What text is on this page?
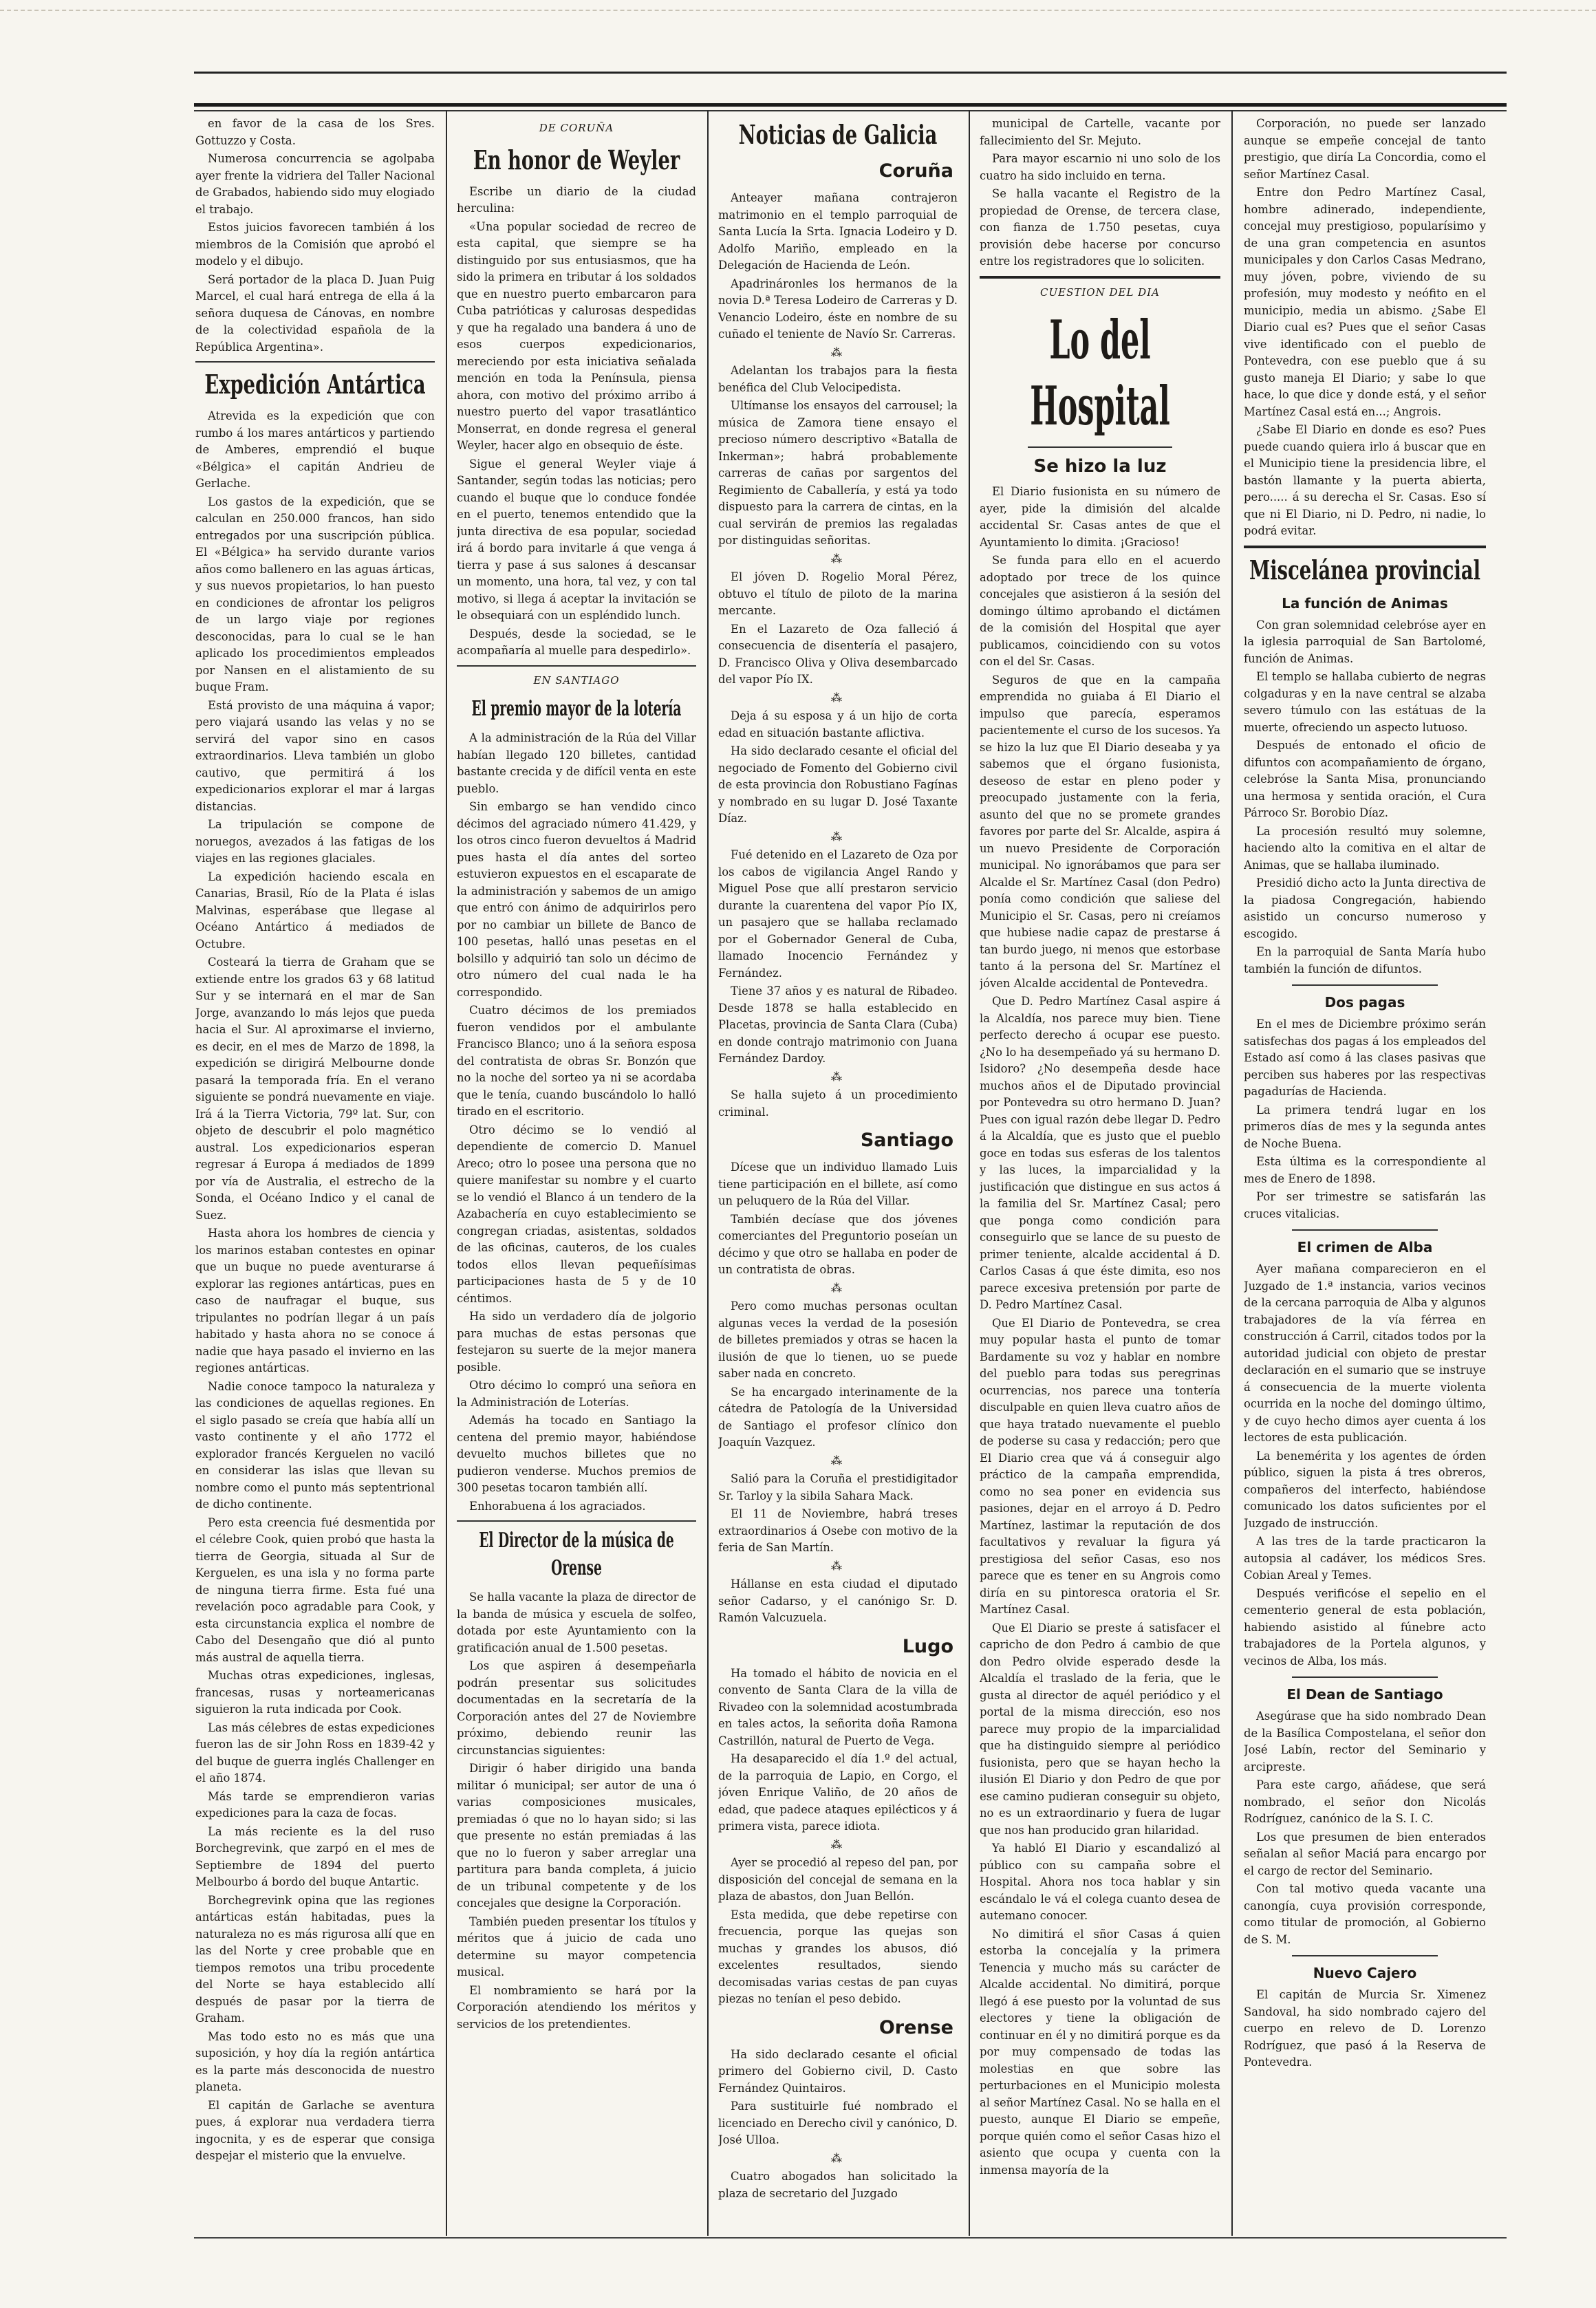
en favor de la casa de los Sres. Gottuzzo y Costa.

Numerosa concurrencia se agolpaba ayer frente la vidriera del Taller Nacional de Grabados, habiendo sido muy elogiado el trabajo.

Estos juicios favorecen también á los miembros de la Comisión que aprobó el modelo y el dibujo.

Será portador de la placa D. Juan Puig Marcel, el cual hará entrega de ella á la señora duquesa de Cánovas, en nombre de la colectividad española de la República Argentina».

Expedición Antártica

Atrevida es la expedición que con rumbo á los mares antárticos y partiendo de Amberes, emprendió el buque «Bélgica» el capitán Andrieu de Gerlache.

Los gastos de la expedición, que se calculan en 250.000 francos, han sido entregados por una suscripción pública. El «Bélgica» ha servido durante varios años como ballenero en las aguas árticas, y sus nuevos propietarios, lo han puesto en condiciones de afrontar los peligros de un largo viaje por regiones desconocidas, para lo cual se le han aplicado los procedimientos empleados por Nansen en el alistamiento de su buque Fram.

Está provisto de una máquina á vapor; pero viajará usando las velas y no se servirá del vapor sino en casos extraordinarios. Lleva también un globo cautivo, que permitirá á los expedicionarios explorar el mar á largas distancias.

La tripulación se compone de noruegos, avezados á las fatigas de los viajes en las regiones glaciales.

La expedición haciendo escala en Canarias, Brasil, Río de la Plata é islas Malvinas, esperábase que llegase al Océano Antártico á mediados de Octubre.

Costeará la tierra de Graham que se extiende entre los grados 63 y 68 latitud Sur y se internará en el mar de San Jorge, avanzando lo más lejos que pueda hacia el Sur. Al aproximarse el invierno, es decir, en el mes de Marzo de 1898, la expedición se dirigirá Melbourne donde pasará la temporada fría. En el verano siguiente se pondrá nuevamente en viaje. Irá á la Tierra Victoria, 79º lat. Sur, con objeto de descubrir el polo magnético austral. Los expedicionarios esperan regresar á Europa á mediados de 1899 por vía de Australia, el estrecho de la Sonda, el Océano Indico y el canal de Suez.

Hasta ahora los hombres de ciencia y los marinos estaban contestes en opinar que un buque no puede aventurarse á explorar las regiones antárticas, pues en caso de naufragar el buque, sus tripulantes no podrían llegar á un país habitado y hasta ahora no se conoce á nadie que haya pasado el invierno en las regiones antárticas.

Nadie conoce tampoco la naturaleza y las condiciones de aquellas regiones. En el siglo pasado se creía que había allí un vasto continente y el año 1772 el explorador francés Kerguelen no vaciló en considerar las islas que llevan su nombre como el punto más septentrional de dicho continente.

Pero esta creencia fué desmentida por el célebre Cook, quien probó que hasta la tierra de Georgia, situada al Sur de Kerguelen, es una isla y no forma parte de ninguna tierra firme. Esta fué una revelación poco agradable para Cook, y esta circunstancia explica el nombre de Cabo del Desengaño que dió al punto más austral de aquella tierra.

Muchas otras expediciones, inglesas, francesas, rusas y norteamericanas siguieron la ruta indicada por Cook.

Las más célebres de estas expediciones fueron las de sir John Ross en 1839-42 y del buque de guerra inglés Challenger en el año 1874.

Más tarde se emprendieron varias expediciones para la caza de focas.

La más reciente es la del ruso Borchegrevink, que zarpó en el mes de Septiembre de 1894 del puerto Melbourbo á bordo del buque Antartic.

Borchegrevink opina que las regiones antárticas están habitadas, pues la naturaleza no es más rigurosa allí que en las del Norte y cree probable que en tiempos remotos una tribu procedente del Norte se haya establecido allí después de pasar por la tierra de Graham.

Mas todo esto no es más que una suposición, y hoy día la región antártica es la parte más desconocida de nuestro planeta.

El capitán de Garlache se aventura pues, á explorar nua verdadera tierra ingocnita, y es de esperar que consiga despejar el misterio que la envuelve.

DE CORUÑA
En honor de Weyler

Escribe un diario de la ciudad herculina:

«Una popular sociedad de recreo de esta capital, que siempre se ha distinguido por sus entusiasmos, que ha sido la primera en tributar á los soldados que en nuestro puerto embarcaron para Cuba patrióticas y calurosas despedidas y que ha regalado una bandera á uno de esos cuerpos expedicionarios, mereciendo por esta iniciativa señalada mención en toda la Península, piensa ahora, con motivo del próximo arribo á nuestro puerto del vapor trasatlántico Monserrat, en donde regresa el general Weyler, hacer algo en obsequio de éste.

Sigue el general Weyler viaje á Santander, según todas las noticias; pero cuando el buque que lo conduce fondée en el puerto, tenemos entendido que la junta directiva de esa popular, sociedad irá á bordo para invitarle á que venga á tierra y pase á sus salones á descansar un momento, una hora, tal vez, y con tal motivo, si llega á aceptar la invitación se le obsequiará con un espléndido lunch.

Después, desde la sociedad, se le acompañaría al muelle para despedirlo».

EN SANTIAGO
El premio mayor de la lotería

A la administración de la Rúa del Villar habían llegado 120 billetes, cantidad bastante crecida y de difícil venta en este pueblo.

Sin embargo se han vendido cinco décimos del agraciado número 41.429, y los otros cinco fueron devueltos á Madrid pues hasta el día antes del sorteo estuvieron expuestos en el escaparate de la administración y sabemos de un amigo que entró con ánimo de adquirirlos pero por no cambiar un billete de Banco de 100 pesetas, halló unas pesetas en el bolsillo y adquirió tan solo un décimo de otro número del cual nada le ha correspondido.

Cuatro décimos de los premiados fueron vendidos por el ambulante Francisco Blanco; uno á la señora esposa del contratista de obras Sr. Bonzón que no la noche del sorteo ya ni se acordaba que le tenía, cuando buscándolo lo halló tirado en el escritorio.

Otro décimo se lo vendió al dependiente de comercio D. Manuel Areco; otro lo posee una persona que no quiere manifestar su nombre y el cuarto se lo vendió el Blanco á un tendero de la Azabachería en cuyo establecimiento se congregan criadas, asistentas, soldados de las oficinas, cauteros, de los cuales todos ellos llevan pequeñísimas participaciones hasta de 5 y de 10 céntimos.

Ha sido un verdadero día de jolgorio para muchas de estas personas que festejaron su suerte de la mejor manera posible.

Otro décimo lo compró una señora en la Administración de Loterías.

Además ha tocado en Santiago la centena del premio mayor, habiéndose devuelto muchos billetes que no pudieron venderse. Muchos premios de 300 pesetas tocaron también allí.

Enhorabuena á los agraciados.

El Director de la música de Orense

Se halla vacante la plaza de director de la banda de música y escuela de solfeo, dotada por este Ayuntamiento con la gratificación anual de 1.500 pesetas.

Los que aspiren á desempeñarla podrán presentar sus solicitudes documentadas en la secretaría de la Corporación antes del 27 de Noviembre próximo, debiendo reunir las circunstancias siguientes:

Dirigir ó haber dirigido una banda militar ó municipal; ser autor de una ó varias composiciones musicales, premiadas ó que no lo hayan sido; si las que presente no están premiadas á las que no lo fueron y saber arreglar una partitura para banda completa, á juicio de un tribunal competente y de los concejales que designe la Corporación.

También pueden presentar los títulos y méritos que á juicio de cada uno determine su mayor competencia musical.

El nombramiento se hará por la Corporación atendiendo los méritos y servicios de los pretendientes.

Noticias de Galicia
Coruña

Anteayer mañana contrajeron matrimonio en el templo parroquial de Santa Lucía la Srta. Ignacia Lodeiro y D. Adolfo Mariño, empleado en la Delegación de Hacienda de León.

Apadrináronles los hermanos de la novia D.ª Teresa Lodeiro de Carreras y D. Venancio Lodeiro, éste en nombre de su cuñado el teniente de Navío Sr. Carreras.

⁂

Adelantan los trabajos para la fiesta benéfica del Club Velocipedista.

Ultímanse los ensayos del carrousel; la música de Zamora tiene ensayo el precioso número descriptivo «Batalla de Inkerman»; habrá probablemente carreras de cañas por sargentos del Regimiento de Caballería, y está ya todo dispuesto para la carrera de cintas, en la cual servirán de premios las regaladas por distinguidas señoritas.

⁂

El jóven D. Rogelio Moral Pérez, obtuvo el título de piloto de la marina mercante.

En el Lazareto de Oza falleció á consecuencia de disentería el pasajero, D. Francisco Oliva y Oliva desembarcado del vapor Pío IX.

⁂

Deja á su esposa y á un hijo de corta edad en situación bastante aflictiva.

Ha sido declarado cesante el oficial del negociado de Fomento del Gobierno civil de esta provincia don Robustiano Fagínas y nombrado en su lugar D. José Taxante Díaz.

⁂

Fué detenido en el Lazareto de Oza por los cabos de vigilancia Angel Rando y Miguel Pose que allí prestaron servicio durante la cuarentena del vapor Pío IX, un pasajero que se hallaba reclamado por el Gobernador General de Cuba, llamado Inocencio Fernández y Fernández.

Tiene 37 años y es natural de Ribadeo. Desde 1878 se halla establecido en Placetas, provincia de Santa Clara (Cuba) en donde contrajo matrimonio con Juana Fernández Dardoy.

⁂

Se halla sujeto á un procedimiento criminal.

Santiago

Dícese que un individuo llamado Luis tiene participación en el billete, así como un peluquero de la Rúa del Villar.

También decíase que dos jóvenes comerciantes del Preguntorio poseían un décimo y que otro se hallaba en poder de un contratista de obras.

⁂

Pero como muchas personas ocultan algunas veces la verdad de la posesión de billetes premiados y otras se hacen la ilusión de que lo tienen, uo se puede saber nada en concreto.

Se ha encargado interinamente de la cátedra de Patología de la Universidad de Santiago el profesor clínico don Joaquín Vazquez.

⁂

Salió para la Coruña el prestidigitador Sr. Tarloy y la sibila Sahara Mack.

El 11 de Noviembre, habrá treses extraordinarios á Osebe con motivo de la feria de San Martín.

⁂

Hállanse en esta ciudad el diputado señor Cadarso, y el canónigo Sr. D. Ramón Valcuzuela.

Lugo

Ha tomado el hábito de novicia en el convento de Santa Clara de la villa de Rivadeo con la solemnidad acostumbrada en tales actos, la señorita doña Ramona Castrillón, natural de Puerto de Vega.

Ha desaparecido el día 1.º del actual, de la parroquia de Lapio, en Corgo, el jóven Enrique Valiño, de 20 años de edad, que padece ataques epilécticos y á primera vista, parece idiota.

⁂

Ayer se procedió al repeso del pan, por disposición del concejal de semana en la plaza de abastos, don Juan Bellón.

Esta medida, que debe repetirse con frecuencia, porque las quejas son muchas y grandes los abusos, dió excelentes resultados, siendo decomisadas varias cestas de pan cuyas piezas no tenían el peso debido.

Orense

Ha sido declarado cesante el oficial primero del Gobierno civil, D. Casto Fernández Quintairos.

Para sustituirle fué nombrado el licenciado en Derecho civil y canónico, D. José Ulloa.

⁂

Cuatro abogados han solicitado la plaza de secretario del Juzgado

municipal de Cartelle, vacante por fallecimiento del Sr. Mejuto.

Para mayor escarnio ni uno solo de los cuatro ha sido incluido en terna.

Se halla vacante el Registro de la propiedad de Orense, de tercera clase, con fianza de 1.750 pesetas, cuya provisión debe hacerse por concurso entre los registradores que lo soliciten.

CUESTION DEL DIA
Lo del Hospital
Se hizo la luz

El Diario fusionista en su número de ayer, pide la dimisión del alcalde accidental Sr. Casas antes de que el Ayuntamiento lo dimita. ¡Gracioso!

Se funda para ello en el acuerdo adoptado por trece de los quince concejales que asistieron á la sesión del domingo último aprobando el dictámen de la comisión del Hospital que ayer publicamos, coincidiendo con su votos con el del Sr. Casas.

Seguros de que en la campaña emprendida no guiaba á El Diario el impulso que parecía, esperamos pacientemente el curso de los sucesos. Ya se hizo la luz que El Diario deseaba y ya sabemos que el órgano fusionista, deseoso de estar en pleno poder y preocupado justamente con la feria, asunto del que no se promete grandes favores por parte del Sr. Alcalde, aspira á un nuevo Presidente de Corporación municipal. No ignorábamos que para ser Alcalde el Sr. Martínez Casal (don Pedro) ponía como condición que saliese del Municipio el Sr. Casas, pero ni creíamos que hubiese nadie capaz de prestarse á tan burdo juego, ni menos que estorbase tanto á la persona del Sr. Martínez el jóven Alcalde accidental de Pontevedra.

Que D. Pedro Martínez Casal aspire á la Alcaldía, nos parece muy bien. Tiene perfecto derecho á ocupar ese puesto. ¿No lo ha desempeñado yá su hermano D. Isidoro? ¿No desempeña desde hace muchos años el de Diputado provincial por Pontevedra su otro hermano D. Juan? Pues con igual razón debe llegar D. Pedro á la Alcaldía, que es justo que el pueblo goce en todas sus esferas de los talentos y las luces, la imparcialidad y la justificación que distingue en sus actos á la familia del Sr. Martínez Casal; pero que ponga como condición para conseguirlo que se lance de su puesto de primer teniente, alcalde accidental á D. Carlos Casas á que éste dimita, eso nos parece excesiva pretensión por parte de D. Pedro Martínez Casal.

Que El Diario de Pontevedra, se crea muy popular hasta el punto de tomar Bardamente su voz y hablar en nombre del pueblo para todas sus peregrinas ocurrencias, nos parece una tontería disculpable en quien lleva cuatro años de que haya tratado nuevamente el pueblo de poderse su casa y redacción; pero que El Diario crea que vá á conseguir algo práctico de la campaña emprendida, como no sea poner en evidencia sus pasiones, dejar en el arroyo á D. Pedro Martínez, lastimar la reputación de dos facultativos y revaluar la figura yá prestigiosa del señor Casas, eso nos parece que es tener en su Angrois como diría en su pintoresca oratoria el Sr. Martínez Casal.

Que El Diario se preste á satisfacer el capricho de don Pedro á cambio de que don Pedro olvide esperado desde la Alcaldía el traslado de la feria, que le gusta al director de aquél periódico y el portal de la misma dirección, eso nos parece muy propio de la imparcialidad que ha distinguido siempre al periódico fusionista, pero que se hayan hecho la ilusión El Diario y don Pedro de que por ese camino pudieran conseguir su objeto, no es un extraordinario y fuera de lugar que nos han producido gran hilaridad.

Ya habló El Diario y escandalizó al público con su campaña sobre el Hospital. Ahora nos toca hablar y sin escándalo le vá el colega cuanto desea de autemano conocer.

No dimitirá el sñor Casas á quien estorba la concejalía y la primera Tenencia y mucho más su carácter de Alcalde accidental. No dimitirá, porque llegó á ese puesto por la voluntad de sus electores y tiene la obligación de continuar en él y no dimitirá porque es da por muy compensado de todas las molestias en que sobre las perturbaciones en el Municipio molesta al señor Martínez Casal. No se halla en el puesto, aunque El Diario se empeñe, porque quién como el señor Casas hizo el asiento que ocupa y cuenta con la inmensa mayoría de la

Corporación, no puede ser lanzado aunque se empeñe concejal de tanto prestigio, que diría La Concordia, como el señor Martínez Casal.

Entre don Pedro Martínez Casal, hombre adinerado, independiente, concejal muy prestigioso, popularísimo y de una gran competencia en asuntos municipales y don Carlos Casas Medrano, muy jóven, pobre, viviendo de su profesión, muy modesto y neófito en el municipio, media un abismo. ¿Sabe El Diario cual es? Pues que el señor Casas vive identificado con el pueblo de Pontevedra, con ese pueblo que á su gusto maneja El Diario; y sabe lo que hace, lo que dice y donde está, y el señor Martínez Casal está en...; Angrois.

¿Sabe El Diario en donde es eso? Pues puede cuando quiera irlo á buscar que en el Municipio tiene la presidencia libre, el bastón llamante y la puerta abierta, pero..... á su derecha el Sr. Casas. Eso sí que ni El Diario, ni D. Pedro, ni nadie, lo podrá evitar.

Miscelánea provincial
La función de Animas

Con gran solemnidad celebróse ayer en la iglesia parroquial de San Bartolomé, función de Animas.

El templo se hallaba cubierto de negras colgaduras y en la nave central se alzaba severo túmulo con las estátuas de la muerte, ofreciendo un aspecto lutuoso.

Después de entonado el oficio de difuntos con acompañamiento de órgano, celebróse la Santa Misa, pronunciando una hermosa y sentida oración, el Cura Párroco Sr. Borobio Díaz.

La procesión resultó muy solemne, haciendo alto la comitiva en el altar de Animas, que se hallaba iluminado.

Presidió dicho acto la Junta directiva de la piadosa Congregación, habiendo asistido un concurso numeroso y escogido.

En la parroquial de Santa María hubo también la función de difuntos.

Dos pagas

En el mes de Diciembre próximo serán satisfechas dos pagas á los empleados del Estado así como á las clases pasivas que perciben sus haberes por las respectivas pagadurías de Hacienda.

La primera tendrá lugar en los primeros días de mes y la segunda antes de Noche Buena.

Esta última es la correspondiente al mes de Enero de 1898.

Por ser trimestre se satisfarán las cruces vitalicias.

El crimen de Alba

Ayer mañana comparecieron en el Juzgado de 1.ª instancia, varios vecinos de la cercana parroquia de Alba y algunos trabajadores de la vía férrea en construcción á Carril, citados todos por la autoridad judicial con objeto de prestar declaración en el sumario que se instruye á consecuencia de la muerte violenta ocurrida en la noche del domingo último, y de cuyo hecho dimos ayer cuenta á los lectores de esta publicación.

La benemérita y los agentes de órden público, siguen la pista á tres obreros, compañeros del interfecto, habiéndose comunicado los datos suficientes por el Juzgado de instrucción.

A las tres de la tarde practicaron la autopsia al cadáver, los médicos Sres. Cobian Areal y Temes.

Después verificóse el sepelio en el cementerio general de esta población, habiendo asistido al fúnebre acto trabajadores de la Portela algunos, y vecinos de Alba, los más.

El Dean de Santiago

Asegúrase que ha sido nombrado Dean de la Basílica Compostelana, el señor don José Labín, rector del Seminario y arcipreste.

Para este cargo, añádese, que será nombrado, el señor don Nicolás Rodríguez, canónico de la S. I. C.

Los que presumen de bien enterados señalan al señor Maciá para encargo por el cargo de rector del Seminario.

Con tal motivo queda vacante una canongía, cuya provisión corresponde, como titular de promoción, al Gobierno de S. M.

Nuevo Cajero

El capitán de Murcia Sr. Ximenez Sandoval, ha sido nombrado cajero del cuerpo en relevo de D. Lorenzo Rodríguez, que pasó á la Reserva de Pontevedra.
